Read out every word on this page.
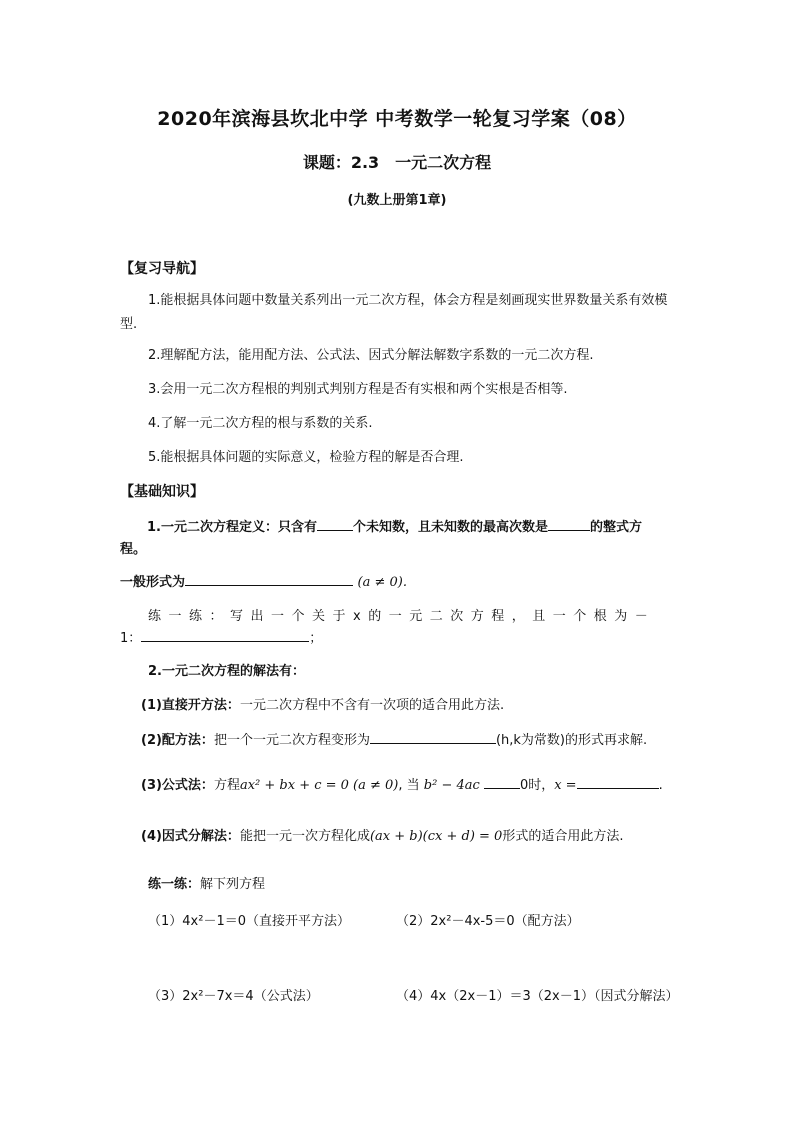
2020年滨海县坎北中学 中考数学一轮复习学案（08）
课题：2.3　一元二次方程
(九数上册第1章)
【复习导航】
1.能根据具体问题中数量关系列出一元二次方程，体会方程是刻画现实世界数量关系有效模型.
2.理解配方法，能用配方法、公式法、因式分解法解数字系数的一元二次方程.
3.会用一元二次方程根的判别式判别方程是否有实根和两个实根是否相等.
4.了解一元二次方程的根与系数的关系.
5.能根据具体问题的实际意义，检验方程的解是否合理.
【基础知识】
1.一元二次方程定义：只含有	个未知数，且未知数的最高次数是	的整式方
程。
一般形式为	(a ≠ 0).
练一练：写出一个关于x的一元二次方程，且一个根为－
1：	；
2.一元二次方程的解法有：
(1)直接开方法：一元二次方程中不含有一次项的适合用此方法.
(2)配方法：把一个一元二次方程变形为	(h,k为常数)的形式再求解.
(3)公式法：方程ax² + bx + c = 0 (a ≠ 0), 当 b² − 4ac	0时，x =	.
(4)因式分解法：能把一元一次方程化成(ax + b)(cx + d) = 0形式的适合用此方法.
练一练：解下列方程
（1）4x²－1＝0（直接开平方法）	（2）2x²－4x-5＝0（配方法）
（3）2x²－7x＝4（公式法）	（4）4x（2x－1）＝3（2x－1）（因式分解法）
